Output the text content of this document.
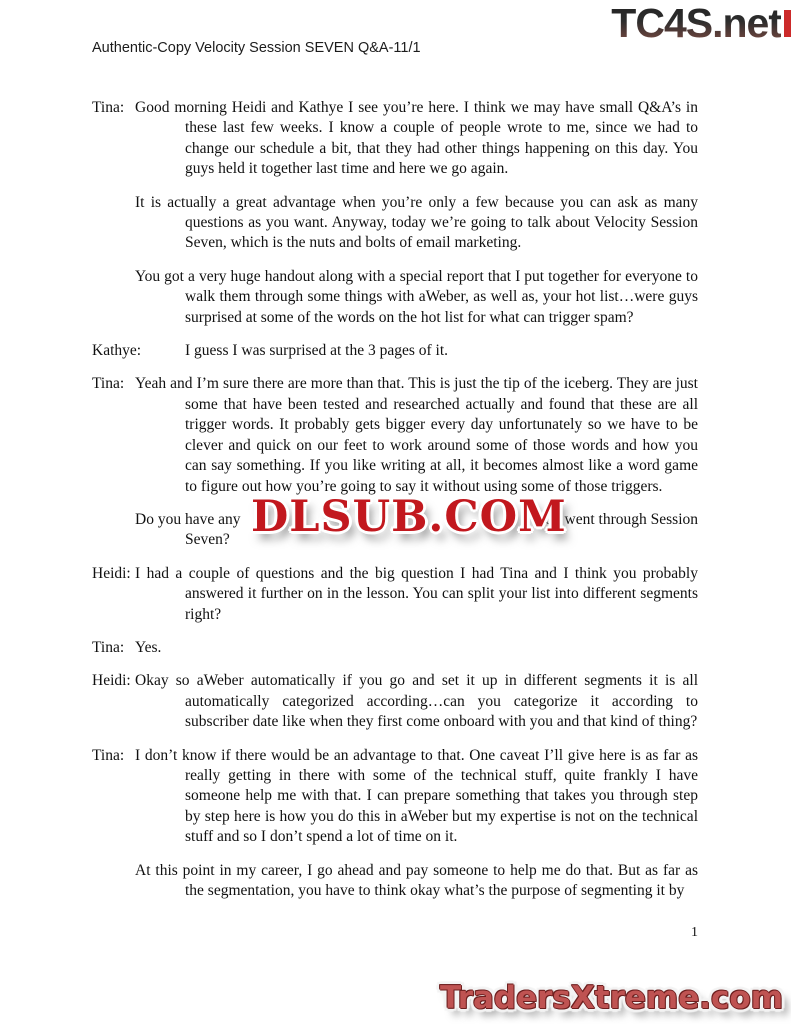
TC4S.net
Authentic-Copy Velocity Session SEVEN Q&A-11/1
Tina: Good morning Heidi and Kathye I see you’re here. I think we may have small Q&A’s in these last few weeks. I know a couple of people wrote to me, since we had to change our schedule a bit, that they had other things happening on this day. You guys held it together last time and here we go again.
It is actually a great advantage when you’re only a few because you can ask as many questions as you want. Anyway, today we’re going to talk about Velocity Session Seven, which is the nuts and bolts of email marketing.
You got a very huge handout along with a special report that I put together for everyone to walk them through some things with aWeber, as well as, your hot list…were guys surprised at some of the words on the hot list for what can trigger spam?
Kathye:	I guess I was surprised at the 3 pages of it.
Tina: Yeah and I’m sure there are more than that. This is just the tip of the iceberg. They are just some that have been tested and researched actually and found that these are all trigger words. It probably gets bigger every day unfortunately so we have to be clever and quick on our feet to work around some of those words and how you can say something. If you like writing at all, it becomes almost like a word game to figure out how you’re going to say it without using some of those triggers.
Do you have any	ou went through Session
Seven?
Heidi: I had a couple of questions and the big question I had Tina and I think you probably answered it further on in the lesson. You can split your list into different segments right?
Tina: Yes.
Heidi: Okay so aWeber automatically if you go and set it up in different segments it is all automatically categorized according…can you categorize it according to subscriber date like when they first come onboard with you and that kind of thing?
Tina: I don’t know if there would be an advantage to that. One caveat I’ll give here is as far as really getting in there with some of the technical stuff, quite frankly I have someone help me with that. I can prepare something that takes you through step by step here is how you do this in aWeber but my expertise is not on the technical stuff and so I don’t spend a lot of time on it.
At this point in my career, I go ahead and pay someone to help me do that. But as far as the segmentation, you have to think okay what’s the purpose of segmenting it by
DLSUB.COM
1
TradersXtreme.com
